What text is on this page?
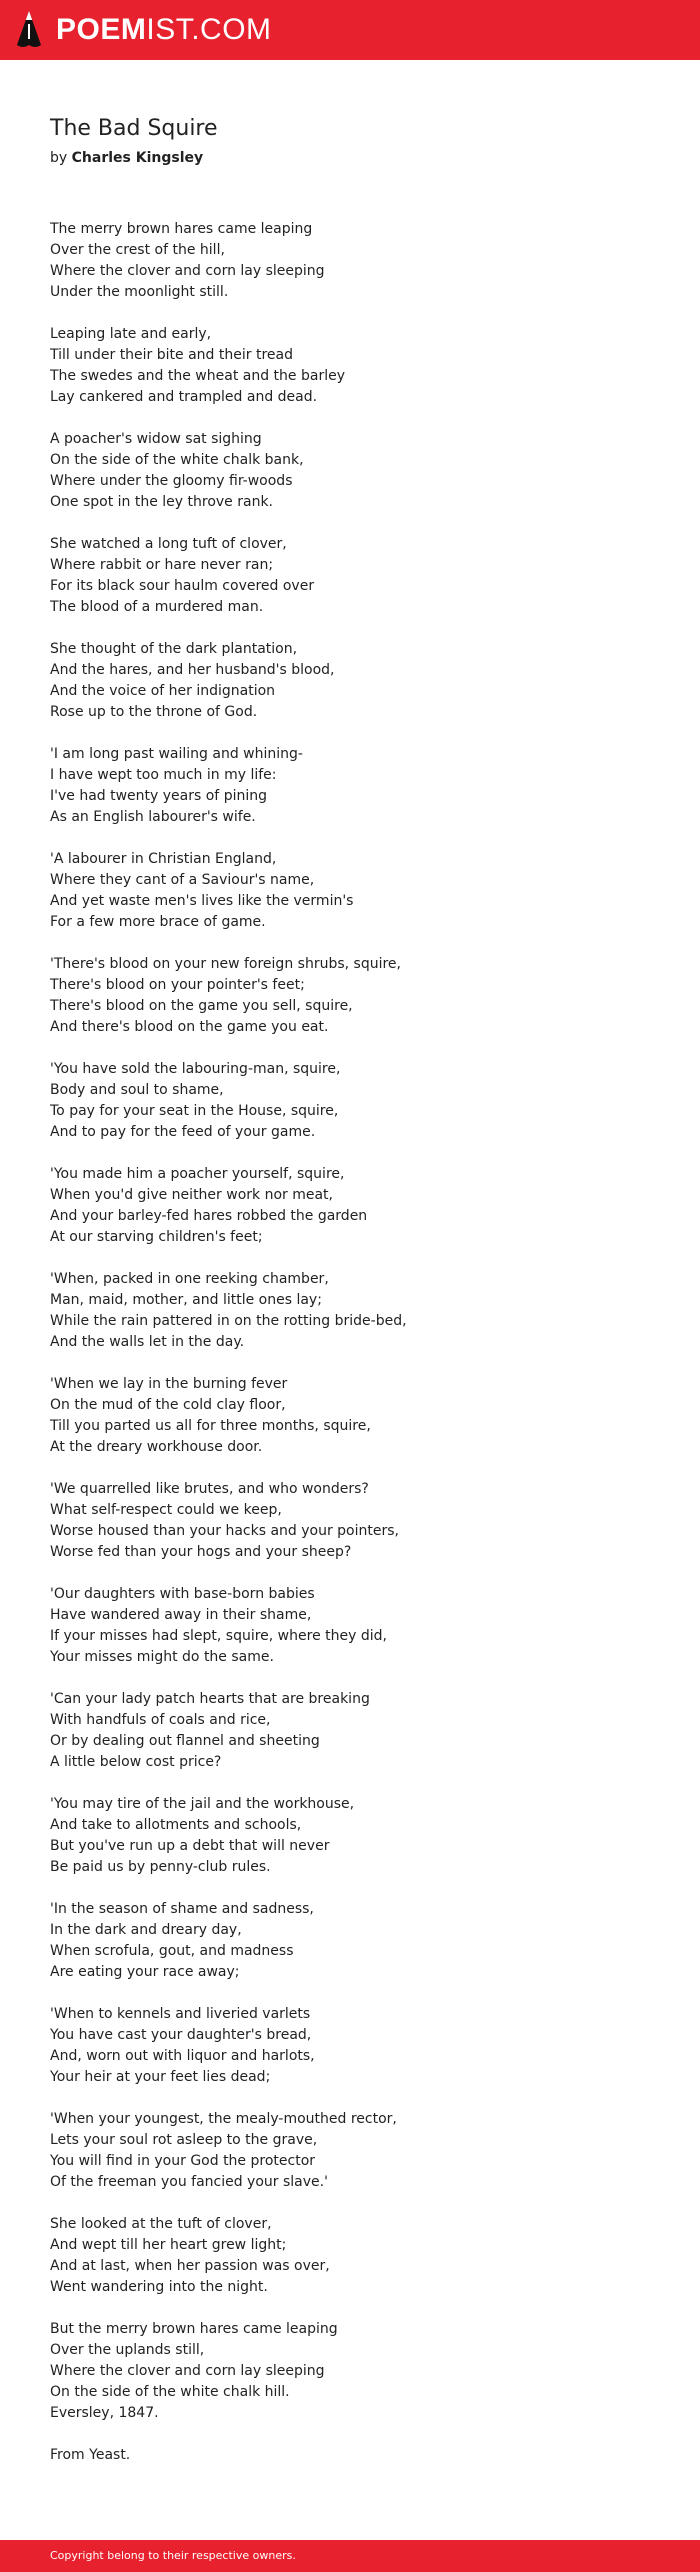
POEMIST.COM
The Bad Squire
by Charles Kingsley
The merry brown hares came leaping
Over the crest of the hill,
Where the clover and corn lay sleeping
Under the moonlight still.
Leaping late and early,
Till under their bite and their tread
The swedes and the wheat and the barley
Lay cankered and trampled and dead.
A poacher's widow sat sighing
On the side of the white chalk bank,
Where under the gloomy fir-woods
One spot in the ley throve rank.
She watched a long tuft of clover,
Where rabbit or hare never ran;
For its black sour haulm covered over
The blood of a murdered man.
She thought of the dark plantation,
And the hares, and her husband's blood,
And the voice of her indignation
Rose up to the throne of God.
'I am long past wailing and whining-
I have wept too much in my life:
I've had twenty years of pining
As an English labourer's wife.
'A labourer in Christian England,
Where they cant of a Saviour's name,
And yet waste men's lives like the vermin's
For a few more brace of game.
'There's blood on your new foreign shrubs, squire,
There's blood on your pointer's feet;
There's blood on the game you sell, squire,
And there's blood on the game you eat.
'You have sold the labouring-man, squire,
Body and soul to shame,
To pay for your seat in the House, squire,
And to pay for the feed of your game.
'You made him a poacher yourself, squire,
When you'd give neither work nor meat,
And your barley-fed hares robbed the garden
At our starving children's feet;
'When, packed in one reeking chamber,
Man, maid, mother, and little ones lay;
While the rain pattered in on the rotting bride-bed,
And the walls let in the day.
'When we lay in the burning fever
On the mud of the cold clay floor,
Till you parted us all for three months, squire,
At the dreary workhouse door.
'We quarrelled like brutes, and who wonders?
What self-respect could we keep,
Worse housed than your hacks and your pointers,
Worse fed than your hogs and your sheep?
'Our daughters with base-born babies
Have wandered away in their shame,
If your misses had slept, squire, where they did,
Your misses might do the same.
'Can your lady patch hearts that are breaking
With handfuls of coals and rice,
Or by dealing out flannel and sheeting
A little below cost price?
'You may tire of the jail and the workhouse,
And take to allotments and schools,
But you've run up a debt that will never
Be paid us by penny-club rules.
'In the season of shame and sadness,
In the dark and dreary day,
When scrofula, gout, and madness
Are eating your race away;
'When to kennels and liveried varlets
You have cast your daughter's bread,
And, worn out with liquor and harlots,
Your heir at your feet lies dead;
'When your youngest, the mealy-mouthed rector,
Lets your soul rot asleep to the grave,
You will find in your God the protector
Of the freeman you fancied your slave.'
She looked at the tuft of clover,
And wept till her heart grew light;
And at last, when her passion was over,
Went wandering into the night.
But the merry brown hares came leaping
Over the uplands still,
Where the clover and corn lay sleeping
On the side of the white chalk hill.
Eversley, 1847.
From Yeast.
Copyright belong to their respective owners.
